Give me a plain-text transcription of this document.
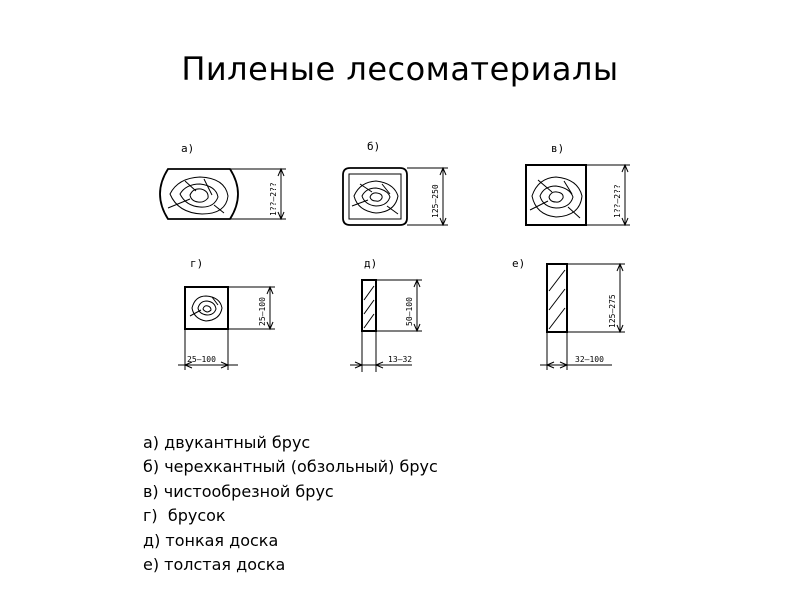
Пиленые лесоматериалы
а)
1??–2??
б)
125–250
в)
1??–2??
г)
25–100
25–100
д)
50–100
13–32
е)
125–275
32–100
а) двукантный брус
б) черехкантный (обзольный) брус
в) чистообрезной брус
г)  брусок
д) тонкая доска
е) толстая доска
